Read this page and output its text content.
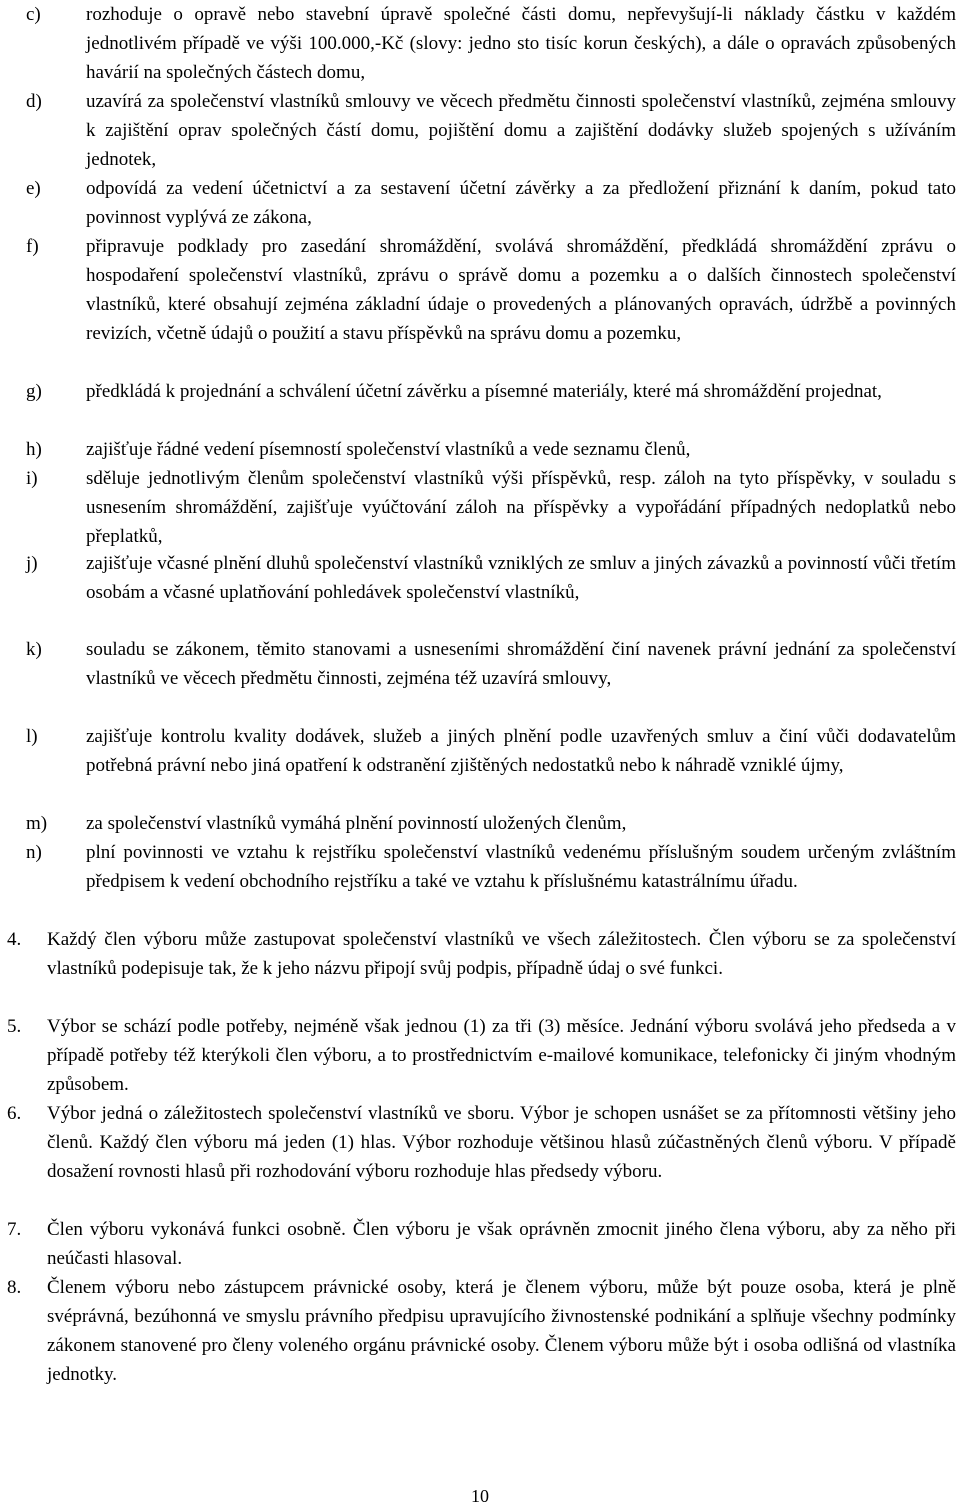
c) rozhoduje o opravě nebo stavební úpravě společné části domu, nepřevyšují-li náklady částku v každém jednotlivém případě ve výši 100.000,-Kč (slovy: jedno sto tisíc korun českých), a dále o opravách způsobených havárií na společných částech domu,
d) uzavírá za společenství vlastníků smlouvy ve věcech předmětu činnosti společenství vlastníků, zejména smlouvy k zajištění oprav společných částí domu, pojištění domu a zajištění dodávky služeb spojených s užíváním jednotek,
e) odpovídá za vedení účetnictví a za sestavení účetní závěrky a za předložení přiznání k daním, pokud tato povinnost vyplývá ze zákona,
f) připravuje podklady pro zasedání shromáždění, svolává shromáždění, předkládá shromáždění zprávu o hospodaření společenství vlastníků, zprávu o správě domu a pozemku a o dalších činnostech společenství vlastníků, které obsahují zejména základní údaje o provedených a plánovaných opravách, údržbě a povinných revizích, včetně údajů o použití a stavu příspěvků na správu domu a pozemku,
g) předkládá k projednání a schválení účetní závěrku a písemné materiály, které má shromáždění projednat,
h) zajišťuje řádné vedení písemností společenství vlastníků a vede seznamu členů,
i)	sděluje jednotlivým členům společenství vlastníků výši příspěvků, resp. záloh na tyto příspěvky, v souladu s usnesením shromáždění, zajišťuje vyúčtování záloh na příspěvky a vypořádání případných nedoplatků nebo přeplatků,
j)	zajišťuje včasné plnění dluhů společenství vlastníků vzniklých ze smluv a jiných závazků a povinností vůči třetím osobám a včasné uplatňování pohledávek společenství vlastníků,
k) souladu se zákonem, těmito stanovami a usneseními shromáždění činí navenek právní jednání za společenství vlastníků ve věcech předmětu činnosti, zejména též uzavírá smlouvy,
l)	zajišťuje kontrolu kvality dodávek, služeb a jiných plnění podle uzavřených smluv a činí vůči dodavatelům potřebná právní nebo jiná opatření k odstranění zjištěných nedostatků nebo k náhradě vzniklé újmy,
m) za společenství vlastníků vymáhá plnění povinností uložených členům,
n) plní povinnosti ve vztahu k rejstříku společenství vlastníků vedenému příslušným soudem určeným zvláštním předpisem k vedení obchodního rejstříku a také ve vztahu k příslušnému katastrálnímu úřadu.
4. Každý člen výboru může zastupovat společenství vlastníků ve všech záležitostech. Člen výboru se za společenství vlastníků podepisuje tak, že k jeho názvu připojí svůj podpis, případně údaj o své funkci.
5. Výbor se schází podle potřeby, nejméně však jednou (1) za tři (3) měsíce. Jednání výboru svolává jeho předseda a v případě potřeby též kterýkoli člen výboru, a to prostřednictvím e-mailové komunikace, telefonicky či jiným vhodným způsobem.
6. Výbor jedná o záležitostech společenství vlastníků ve sboru. Výbor je schopen usnášet se za přítomnosti většiny jeho členů. Každý člen výboru má jeden (1) hlas. Výbor rozhoduje většinou hlasů zúčastněných členů výboru. V případě dosažení rovnosti hlasů při rozhodování výboru rozhoduje hlas předsedy výboru.
7. Člen výboru vykonává funkci osobně. Člen výboru je však oprávněn zmocnit jiného člena výboru, aby za něho při neúčasti hlasoval.
8. Členem výboru nebo zástupcem právnické osoby, která je členem výboru, může být pouze osoba, která je plně svéprávná, bezúhonná ve smyslu právního předpisu upravujícího živnostenské podnikání a splňuje všechny podmínky zákonem stanovené pro členy voleného orgánu právnické osoby. Členem výboru může být i osoba odlišná od vlastníka jednotky.
10
